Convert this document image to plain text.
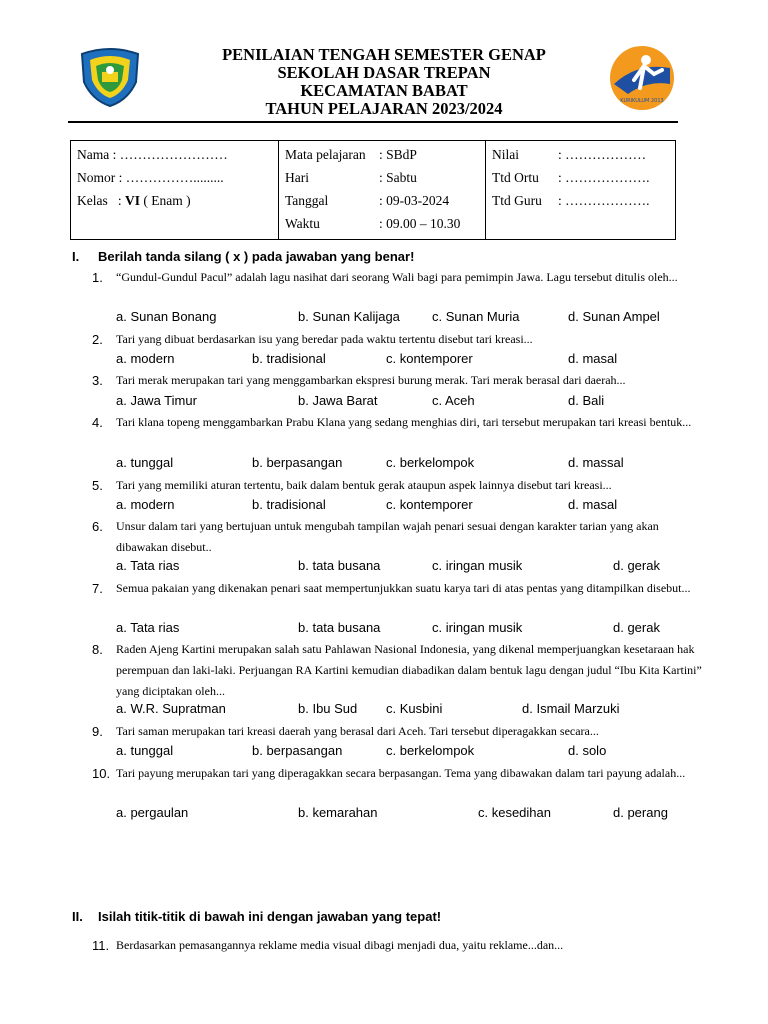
PENILAIAN TENGAH SEMESTER GENAP
SEKOLAH DASAR TREPAN
KECAMATAN BABAT
TAHUN PELAJARAN 2023/2024	KURIKULUM 2013
Nama : ……………………
Nomor : …………….........
Kelas   : VI ( Enam )

Mata pelajaran : SBdP
Hari	: Sabtu
Tanggal	: 09-03-2024
Waktu	: 09.00 – 10.30

Nilai	: ………………
Ttd Ortu	: ……………….
Ttd Guru	: ……………….
I. Berilah tanda silang ( x ) pada jawaban yang benar!
1.	“Gundul-Gundul Pacul” adalah lagu nasihat dari seorang Wali bagi para pemimpin Jawa. Lagu tersebut ditulis oleh...
a. Sunan Bonang	b. Sunan Kalijaga c. Sunan Muria	d. Sunan Ampel
2.	Tari yang dibuat berdasarkan isu yang beredar pada waktu tertentu disebut tari kreasi...
a. modern	b. tradisional	c. kontemporer	d. masal
3.	Tari merak merupakan tari yang menggambarkan ekspresi burung merak. Tari merak berasal dari daerah...
a. Jawa Timur	b. Jawa Barat	c. Aceh	d. Bali
4.	Tari klana topeng menggambarkan Prabu Klana yang sedang menghias diri, tari tersebut merupakan tari kreasi bentuk...
a. tunggal	b. berpasangan	c. berkelompok	d. massal
5.	Tari yang memiliki aturan tertentu, baik dalam bentuk gerak ataupun aspek lainnya disebut tari kreasi...
a. modern	b. tradisional	c. kontemporer	d. masal
6.	Unsur dalam tari yang bertujuan untuk mengubah tampilan wajah penari sesuai dengan karakter tarian yang akan dibawakan disebut..
a. Tata rias	b. tata busana	c. iringan musik	d. gerak
7.	Semua pakaian yang dikenakan penari saat mempertunjukkan suatu karya tari di atas pentas yang ditampilkan disebut...
a. Tata rias	b. tata busana	c. iringan musik	d. gerak
8.	Raden Ajeng Kartini merupakan salah satu Pahlawan Nasional Indonesia, yang dikenal memperjuangkan kesetaraan hak perempuan dan laki-laki. Perjuangan RA Kartini kemudian diabadikan dalam bentuk lagu dengan judul “Ibu Kita Kartini” yang diciptakan oleh...
a. W.R. Supratman	b. Ibu Sud c. Kusbini	d. Ismail Marzuki
9.	Tari saman merupakan tari kreasi daerah yang berasal dari Aceh. Tari tersebut diperagakkan secara...
a. tunggal	b. berpasangan	c. berkelompok	d. solo
10. Tari payung merupakan tari yang diperagakkan secara berpasangan. Tema yang dibawakan dalam tari payung adalah...
a. pergaulan	b. kemarahan	c. kesedihan	d. perang
II. Isilah titik-titik di bawah ini dengan jawaban yang tepat!
11. Berdasarkan pemasangannya reklame media visual dibagi menjadi dua, yaitu reklame...dan...
